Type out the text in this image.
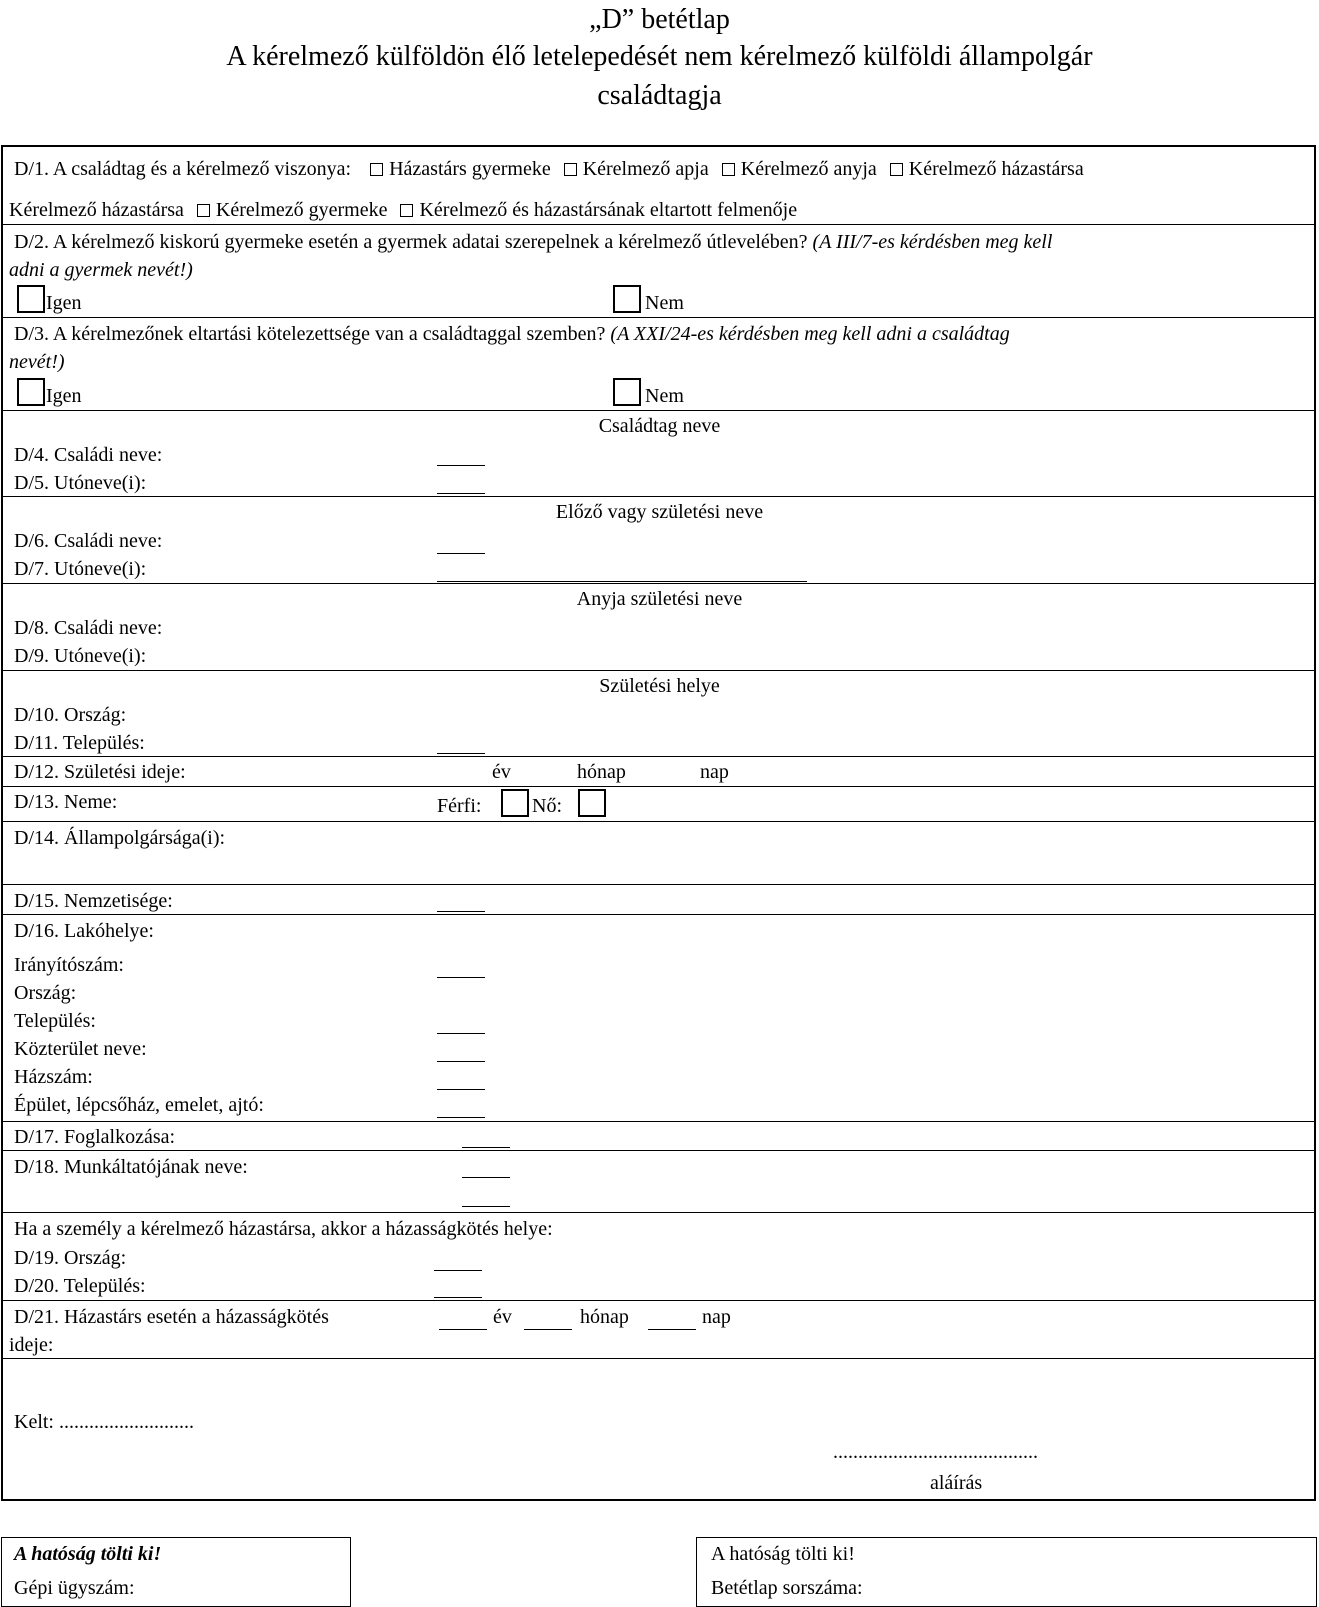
„D” betétlap
A kérelmező külföldön élő letelepedését nem kérelmező külföldi állampolgár
családtagja
D/1. A családtag és a kérelmező viszonya: Házastárs gyermeke Kérelmező apja Kérelmező anyja Kérelmező házastársa
Kérelmező házastársa Kérelmező gyermeke Kérelmező és házastársának eltartott felmenője
D/2. A kérelmező kiskorú gyermeke esetén a gyermek adatai szerepelnek a kérelmező útlevelében? (A III/7-es kérdésben meg kell
adni a gyermek nevét!)
Igen	Nem
D/3. A kérelmezőnek eltartási kötelezettsége van a családtaggal szemben? (A XXI/24-es kérdésben meg kell adni a családtag
nevét!)
Igen	Nem
Családtag neve
D/4. Családi neve:
D/5. Utóneve(i):
Előző vagy születési neve
D/6. Családi neve:
D/7. Utóneve(i):
Anyja születési neve
D/8. Családi neve:
D/9. Utóneve(i):
Születési helye
D/10. Ország:
D/11. Település:
D/12. Születési ideje:	év	hónap	nap
D/13. Neme:	Férfi:	Nő:
D/14. Állampolgársága(i):
D/15. Nemzetisége:
D/16. Lakóhelye:
Irányítószám:
Ország:
Település:
Közterület neve:
Házszám:
Épület, lépcsőház, emelet, ajtó:
D/17. Foglalkozása:
D/18. Munkáltatójának neve:
Ha a személy a kérelmező házastársa, akkor a házasságkötés helye:
D/19. Ország:
D/20. Település:
D/21. Házastárs esetén a házasságkötés
ideje:
év	hónap	nap
Kelt: ...........................
.........................................
aláírás
A hatóság tölti ki!
Gépi ügyszám:
A hatóság tölti ki!
Betétlap sorszáma:
